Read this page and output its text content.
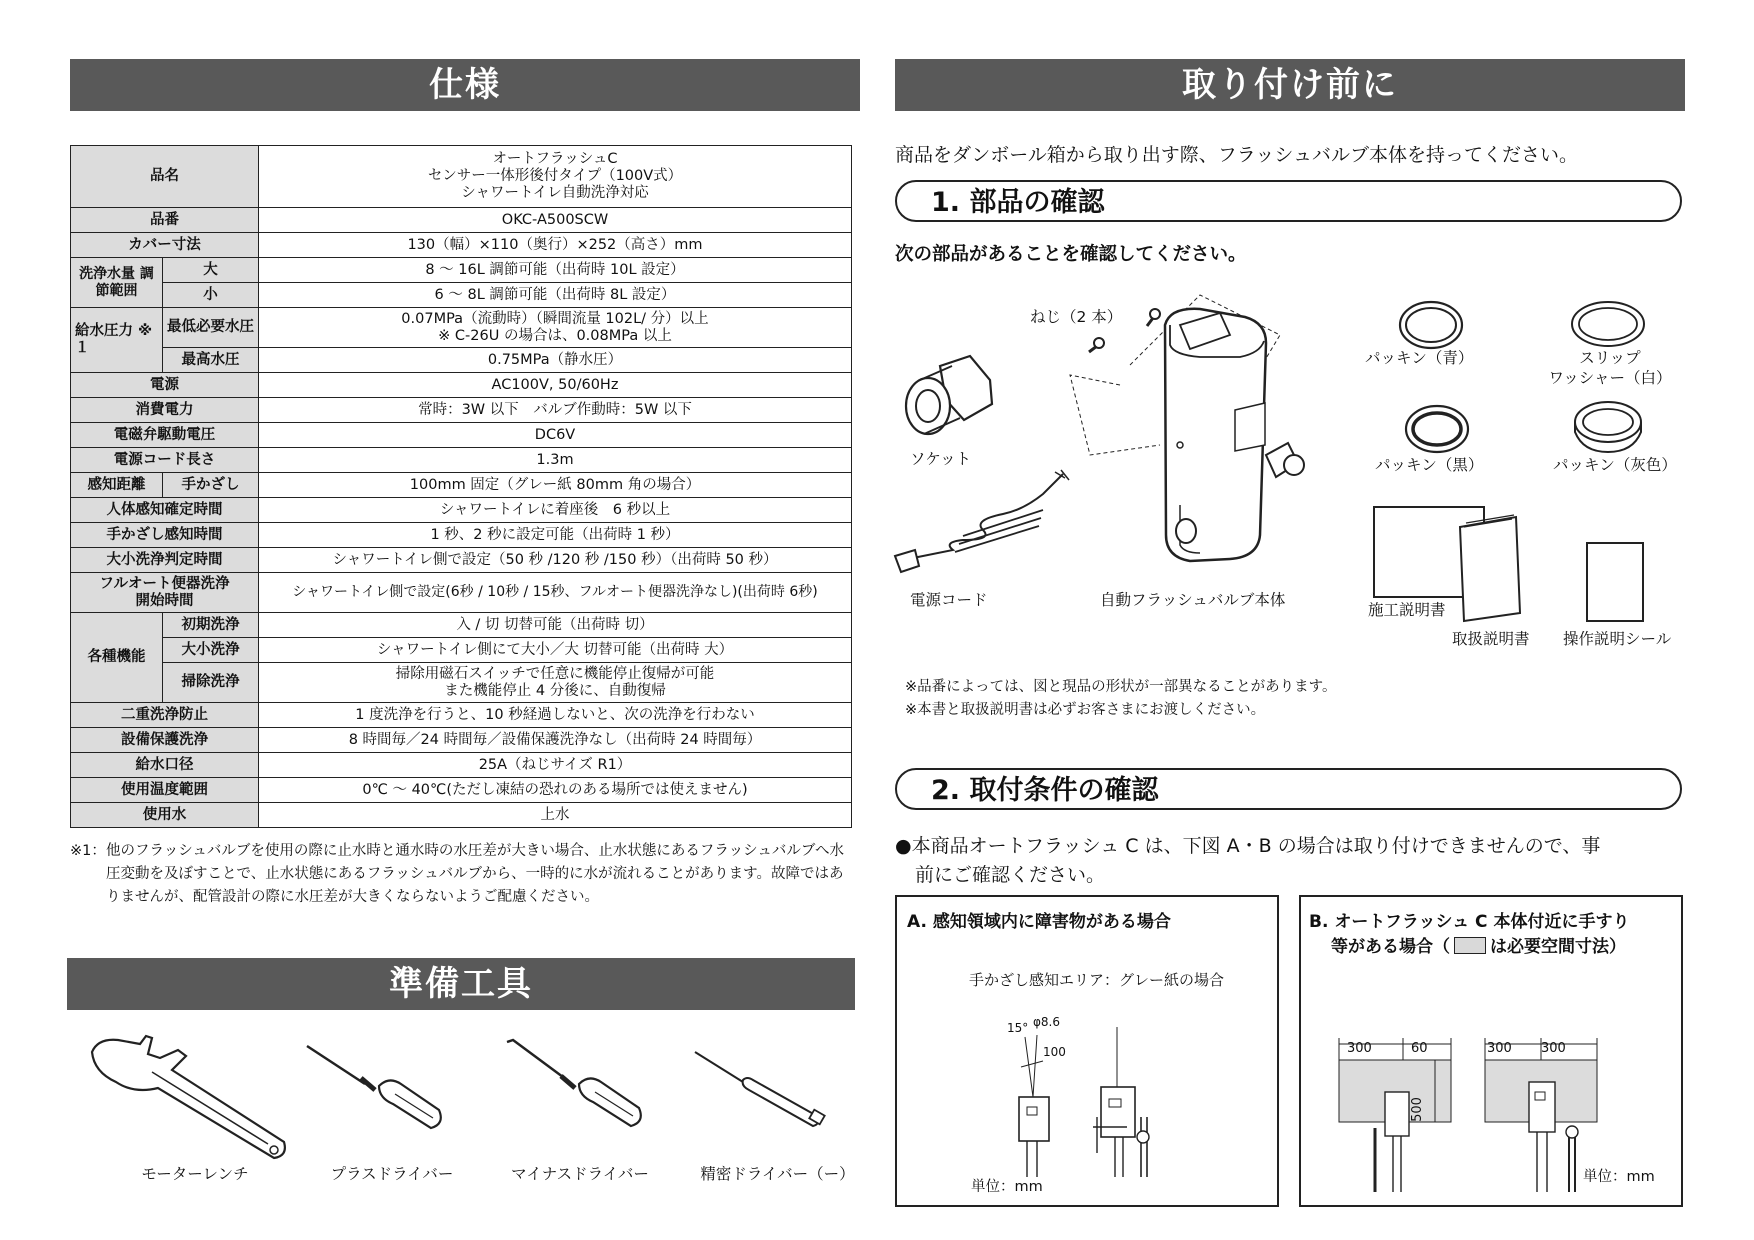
仕様
品名		オートフラッシュC
センサー一体形後付タイプ（100V式）
シャワートイレ自動洗浄対応

品番		OKC-A500SCW
カバー寸法		130（幅）×110（奥行）×252（高さ）mm
洗浄水量 調節範囲	大	8 ～ 16L 調節可能（出荷時 10L 設定）
	小	6 ～ 8L 調節可能（出荷時 8L 設定）
給水圧力 ※１	最低必要水圧	0.07MPa（流動時）（瞬間流量 102L/ 分）以上
※ C-26U の場合は、0.08MPa 以上

	最高水圧	0.75MPa（静水圧）
電源		AC100V, 50/60Hz
消費電力		常時：3W 以下　バルブ作動時：5W 以下
電磁弁駆動電圧		DC6V
電源コード長さ		1.3m
感知距離	手かざし	100mm 固定（グレー紙 80mm 角の場合）
人体感知確定時間		シャワートイレに着座後　6 秒以上
手かざし感知時間		1 秒、2 秒に設定可能（出荷時 1 秒）
大小洗浄判定時間		シャワートイレ側で設定（50 秒 /120 秒 /150 秒）（出荷時 50 秒）

フルオート便器洗浄
開始時間		シャワートイレ側で設定(6秒 / 10秒 / 15秒、フルオート便器洗浄なし)(出荷時 6秒)
各種機能	初期洗浄	入 / 切 切替可能（出荷時 切）
	大小洗浄	シャワートイレ側にて大小／大 切替可能（出荷時 大）
	掃除洗浄	掃除用磁石スイッチで任意に機能停止復帰が可能
また機能停止 4 分後に、自動復帰

二重洗浄防止		1 度洗浄を行うと、10 秒経過しないと、次の洗浄を行わない
設備保護洗浄		8 時間毎／24 時間毎／設備保護洗浄なし（出荷時 24 時間毎）
給水口径		25A（ねじサイズ R1）
使用温度範囲		0℃ ～ 40℃(ただし凍結の恐れのある場所では使えません)
使用水		上水
※1： 他のフラッシュバルブを使用の際に止水時と通水時の水圧差が大きい場合、止水状態にあるフラッシュバルブへ水圧変動を及ぼすことで、止水状態にあるフラッシュバルブから、一時的に水が流れることがあります。故障ではありませんが、配管設計の際に水圧差が大きくならないようご配慮ください。
準備工具
モーターレンチ	プラスドライバー	マイナスドライバー	精密ドライバー（ー）
取り付け前に
商品をダンボール箱から取り出す際、フラッシュバルブ本体を持ってください。
1. 部品の確認
次の部品があることを確認してください。
ねじ（2 本）
ソケット
電源コード	自動フラッシュバルブ本体
パッキン（青）	スリップ
ワッシャー（白）
パッキン（黒）	パッキン（灰色）
施工説明書
取扱説明書 操作説明シール
※品番によっては、図と現品の形状が一部異なることがあります。
※本書と取扱説明書は必ずお客さまにお渡しください。
2. 取付条件の確認
●本商品オートフラッシュ C は、下図 A・B の場合は取り付けできませんので、事
前にご確認ください。
A. 感知領域内に障害物がある場合
手かざし感知エリア：グレー紙の場合
15° φ8.6
100
単位：mm
B. オートフラッシュ C 本体付近に手すり
等がある場合（ は必要空間寸法）
300	60
500
300 300
単位：mm
